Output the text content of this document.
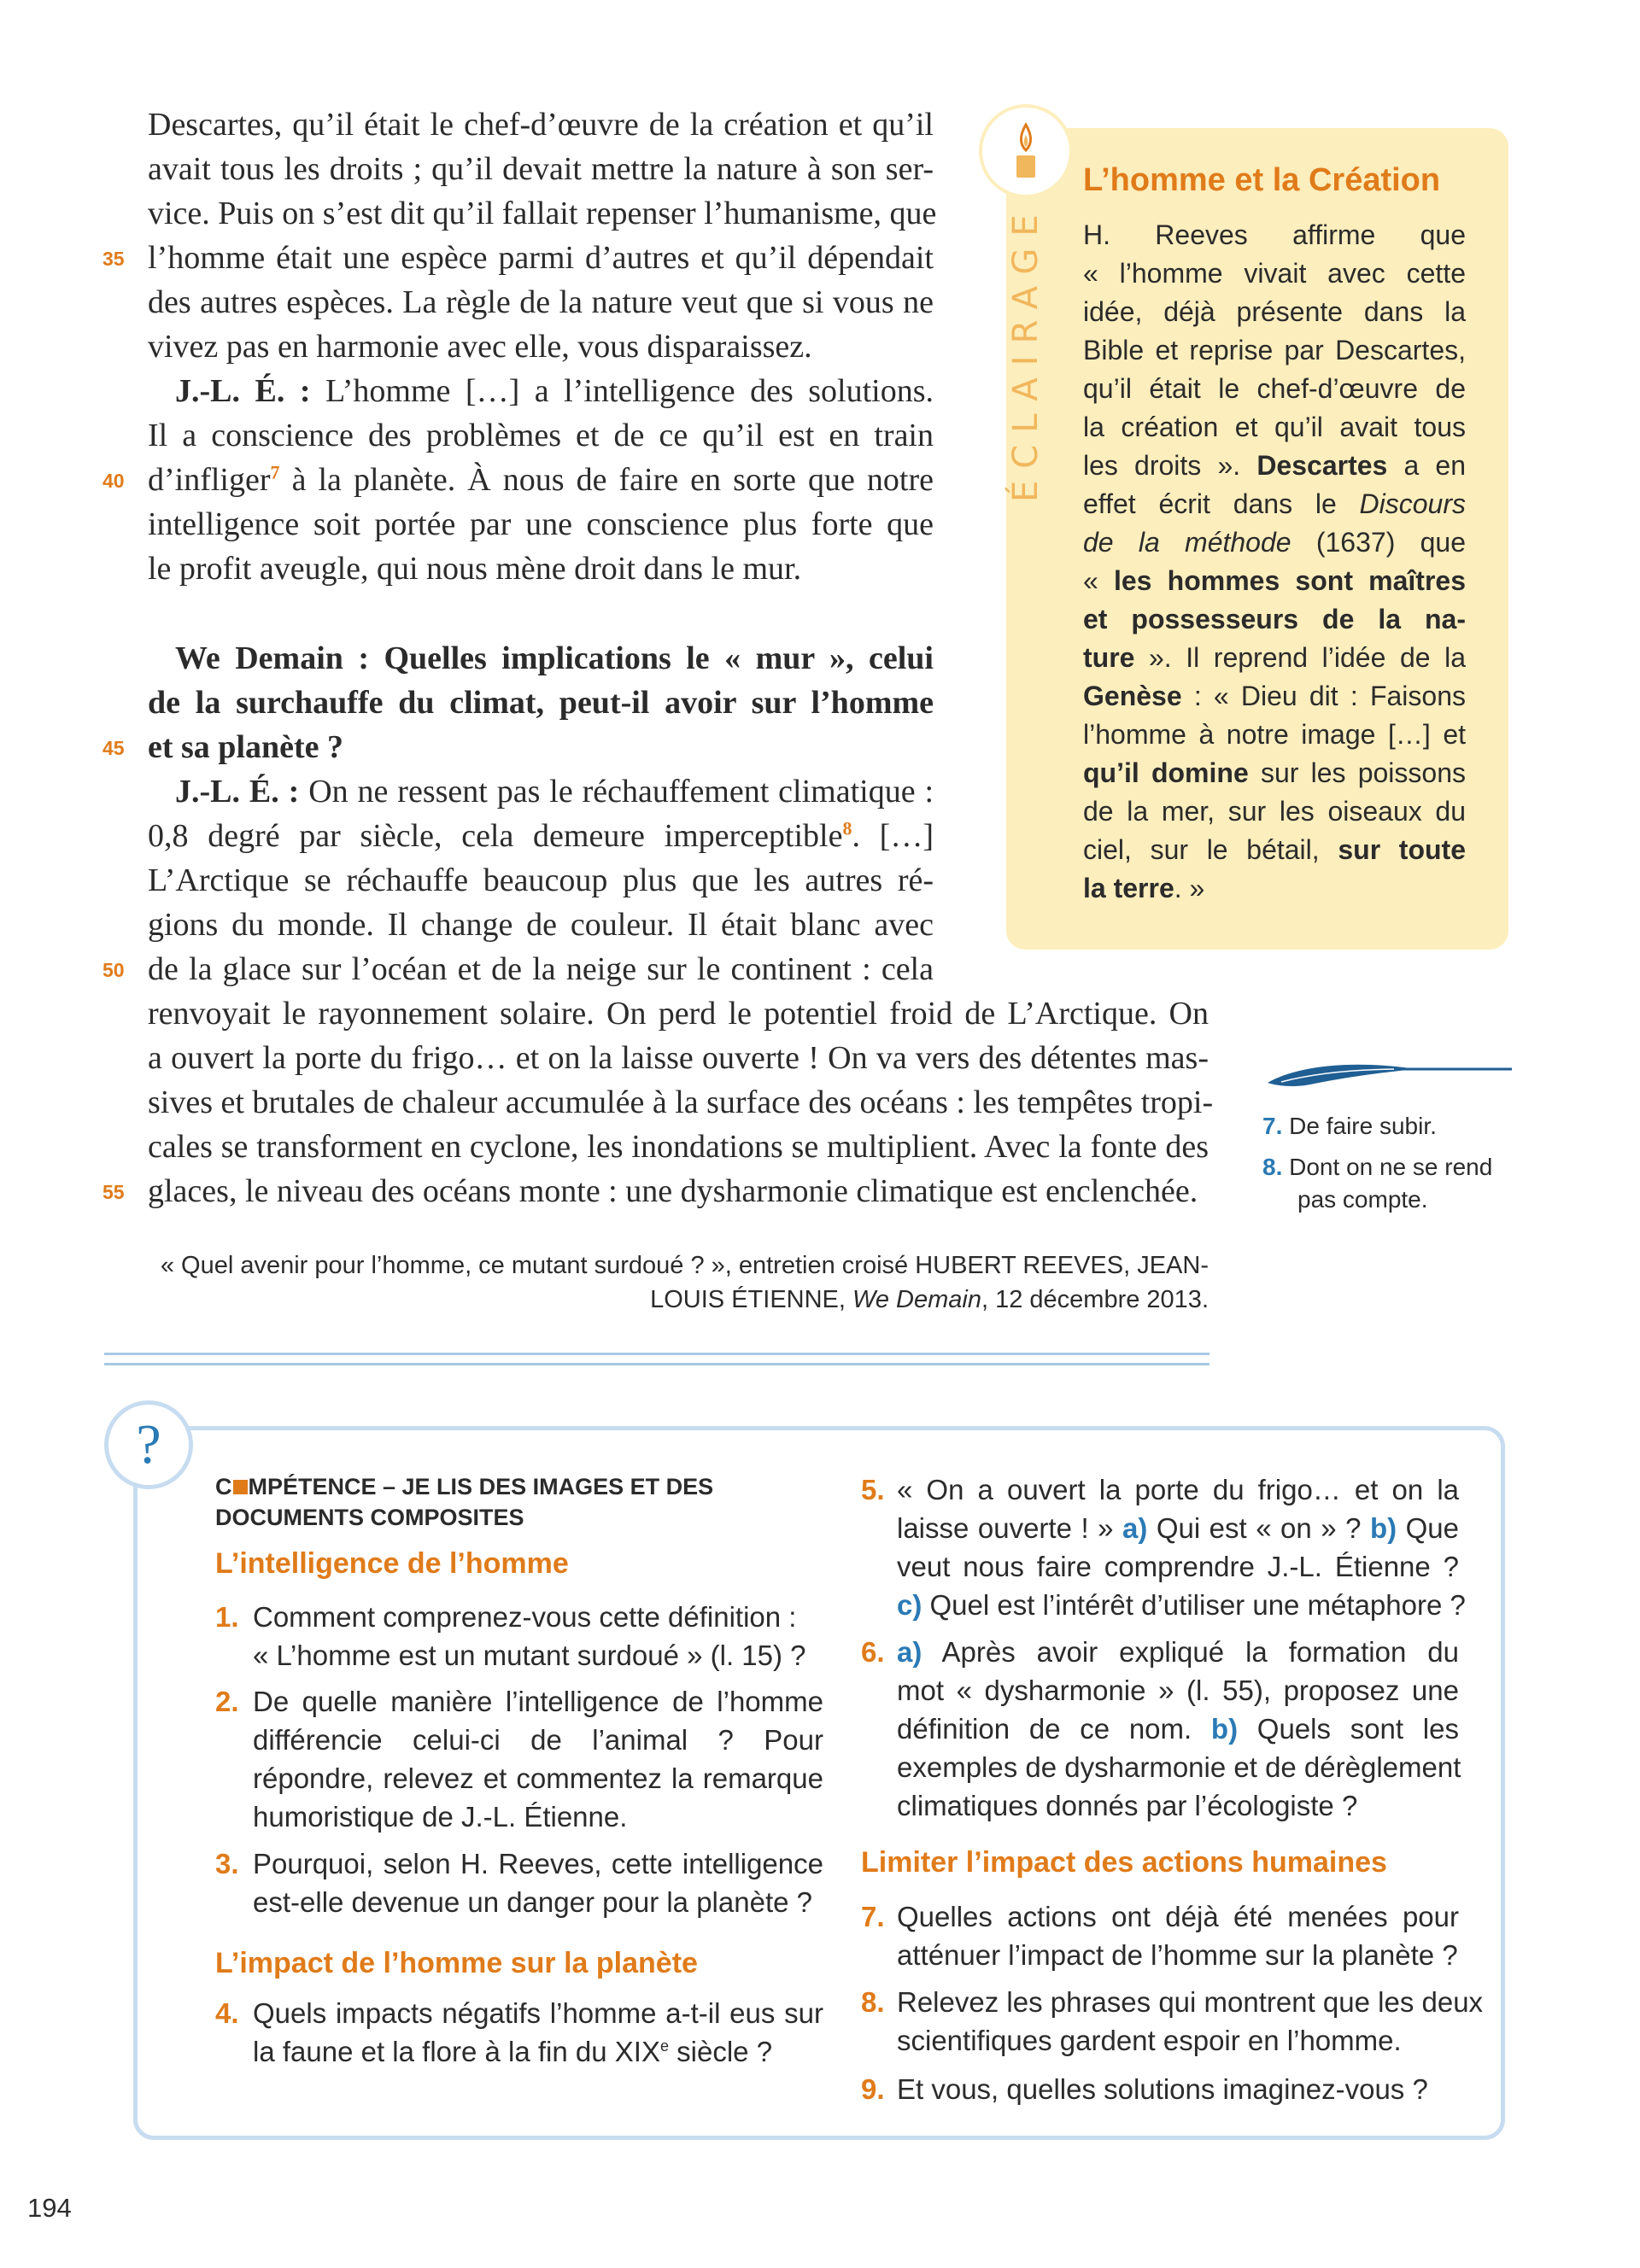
Descartes, qu’il était le chef-d’œuvre de la création et qu’il
avait tous les droits ; qu’il devait mettre la nature à son ser-
vice. Puis on s’est dit qu’il fallait repenser l’humanisme, que
l’homme était une espèce parmi d’autres et qu’il dépendait
des autres espèces. La règle de la nature veut que si vous ne
vivez pas en harmonie avec elle, vous disparaissez.
J.-L. É. : L’homme […] a l’intelligence des solutions.
Il a conscience des problèmes et de ce qu’il est en train
d’infliger$^7$ à la planète. À nous de faire en sorte que notre
intelligence soit portée par une conscience plus forte que
le profit aveugle, qui nous mène droit dans le mur.
We Demain : Quelles implications le « mur », celui
de la surchauffe du climat, peut-il avoir sur l’homme
et sa planète ?
J.-L. É. : On ne ressent pas le réchauffement climatique :
0,8 degré par siècle, cela demeure imperceptible$^8$. […]
L’Arctique se réchauffe beaucoup plus que les autres ré-
gions du monde. Il change de couleur. Il était blanc avec
de la glace sur l’océan et de la neige sur le continent : cela
renvoyait le rayonnement solaire. On perd le potentiel froid de L’Arctique. On
a ouvert la porte du frigo… et on la laisse ouverte ! On va vers des détentes mas-
sives et brutales de chaleur accumulée à la surface des océans : les tempêtes tropi-
cales se transforment en cyclone, les inondations se multiplient. Avec la fonte des
glaces, le niveau des océans monte : une dysharmonie climatique est enclenchée.
35
40
45
50
55
« Quel avenir pour l’homme, ce mutant surdoué ? », entretien croisé HUBERT REEVES, JEAN-
LOUIS ÉTIENNE, We Demain, 12 décembre 2013.
ÉCLAIRAGE
L’homme et la Création
H. Reeves affirme que
« l’homme vivait avec cette
idée, déjà présente dans la
Bible et reprise par Descartes,
qu’il était le chef-d’œuvre de
la création et qu’il avait tous
les droits ». Descartes a en
effet écrit dans le Discours
de la méthode (1637) que
« les hommes sont maîtres
et possesseurs de la na-
ture ». Il reprend l’idée de la
Genèse : « Dieu dit : Faisons
l’homme à notre image […] et
qu’il domine sur les poissons
de la mer, sur les oiseaux du
ciel, sur le bétail, sur toute
la terre. »
7. De faire subir.
8. Dont on ne se rend
pas compte.
?
C MPÉTENCE – JE LIS DES IMAGES ET DES
DOCUMENTS COMPOSITES
L’intelligence de l’homme
1. Comment comprenez-vous cette définition :
« L’homme est un mutant surdoué » (l. 15) ?
2. De quelle manière l’intelligence de l’homme
différencie celui-ci de l’animal ? Pour
répondre, relevez et commentez la remarque
humoristique de J.-L. Étienne.
3. Pourquoi, selon H. Reeves, cette intelligence
est-elle devenue un danger pour la planète ?
L’impact de l’homme sur la planète
4. Quels impacts négatifs l’homme a-t-il eus sur
la faune et la flore à la fin du XIXe siècle ?
5. « On a ouvert la porte du frigo… et on la
laisse ouverte ! » a) Qui est « on » ? b) Que
veut nous faire comprendre J.-L. Étienne ?
c) Quel est l’intérêt d’utiliser une métaphore ?
6. a) Après avoir expliqué la formation du
mot « dysharmonie » (l. 55), proposez une
définition de ce nom. b) Quels sont les
exemples de dysharmonie et de dérèglement
climatiques donnés par l’écologiste ?
Limiter l’impact des actions humaines
7. Quelles actions ont déjà été menées pour
atténuer l’impact de l’homme sur la planète ?
8. Relevez les phrases qui montrent que les deux
scientifiques gardent espoir en l’homme.
9. Et vous, quelles solutions imaginez-vous ?
194
